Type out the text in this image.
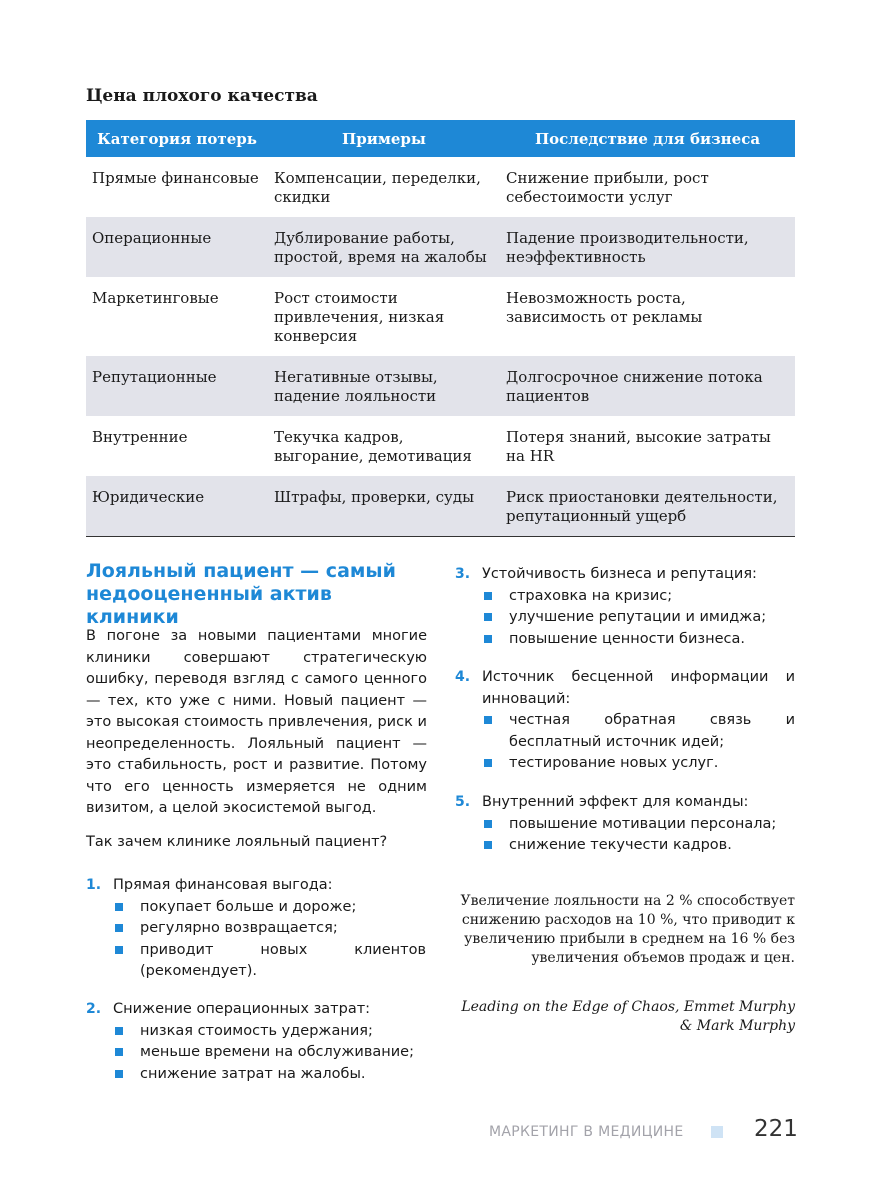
Цена плохого качества
Категория потерь	Примеры	Последствие для бизнеса
Прямые финансовые	Компенсации, переделки, скидки	Снижение прибыли, рост себестоимости услуг
Операционные	Дублирование работы, простой, время на жалобы	Падение производительности, неэффективность
Маркетинговые	Рост стоимости привлечения, низкая конверсия	Невозможность роста, зависимость от рекламы
Репутационные	Негативные отзывы, падение лояльности	Долгосрочное снижение потока пациентов
Внутренние	Текучка кадров, выгорание, демотивация	Потеря знаний, высокие затраты на HR
Юридические	Штрафы, проверки, суды	Риск приостановки деятельности, репутационный ущерб
Лояльный пациент — самый недооцененный актив клиники

В погоне за новыми пациентами многие клиники совершают стратегическую ошибку, переводя взгляд с самого ценного — тех, кто уже с ними. Новый пациент — это высокая стоимость привлечения, риск и неопределенность. Лояльный пациент — это стабильность, рост и развитие. Потому что его ценность измеряется не одним визитом, а целой экосистемой выгод.

Так зачем клинике лояльный пациент?

1. Прямая финансовая выгода:
покупает больше и дороже;
регулярно возвращается;
приводит новых клиентов (рекомендует).
2. Снижение операционных затрат:
низкая стоимость удержания;
меньше времени на обслуживание;
снижение затрат на жалобы.
3. Устойчивость бизнеса и репутация:
страховка на кризис;
улучшение репутации и имиджа;
повышение ценности бизнеса.
4. Источник бесценной информации и инноваций:
честная обратная связь и бесплатный источник идей;
тестирование новых услуг.
5. Внутренний эффект для команды:
повышение мотивации персонала;
снижение текучести кадров.

Увеличение лояльности на 2 % способствует снижению расходов на 10 %, что приводит к увеличению прибыли в среднем на 16 % без увеличения объемов продаж и цен.

Leading on the Edge of Chaos, Emmet Murphy & Mark Murphy

МАРКЕТИНГ В МЕДИЦИНЕ	221
